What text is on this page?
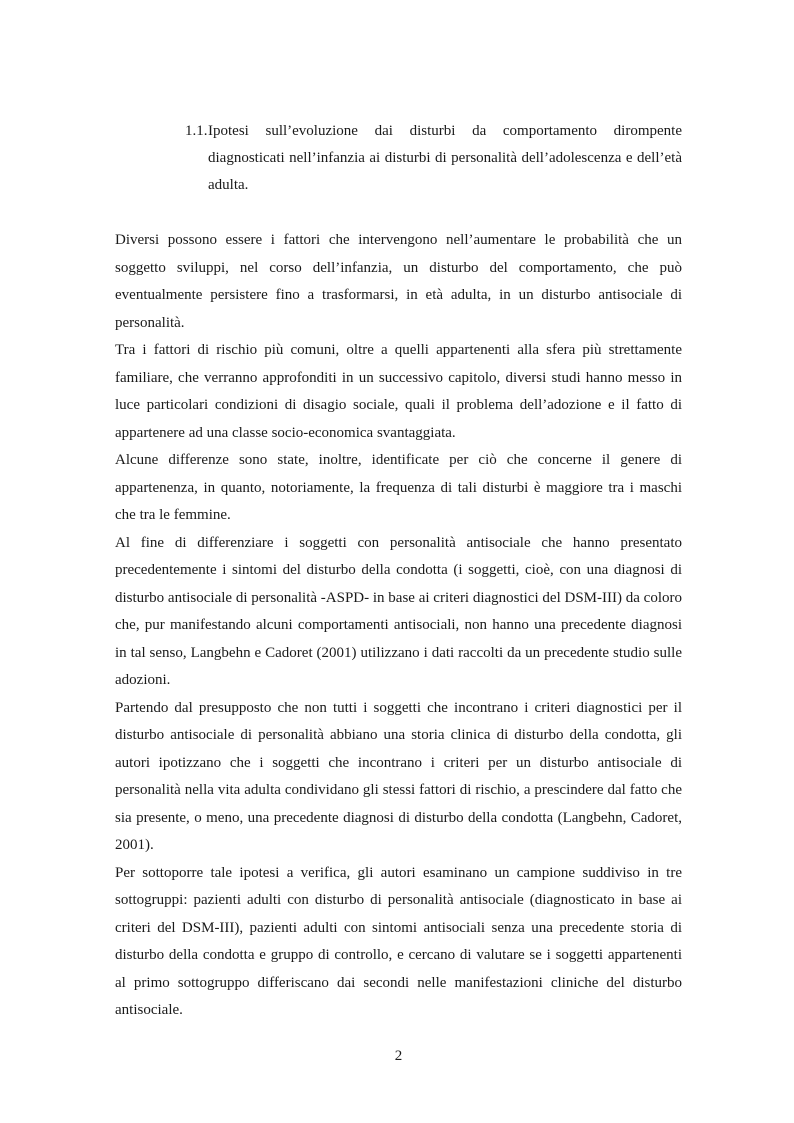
1.1.Ipotesi sull’evoluzione dai disturbi da comportamento dirompente diagnosticati nell’infanzia ai disturbi di personalità dell’adolescenza e dell’età adulta.

Diversi possono essere i fattori che intervengono nell’aumentare le probabilità che un soggetto sviluppi, nel corso dell’infanzia, un disturbo del comportamento, che può eventualmente persistere fino a trasformarsi, in età adulta, in un disturbo antisociale di personalità.

Tra i fattori di rischio più comuni, oltre a quelli appartenenti alla sfera più strettamente familiare, che verranno approfonditi in un successivo capitolo, diversi studi hanno messo in luce particolari condizioni di disagio sociale, quali il problema dell’adozione e il fatto di appartenere ad una classe socio-economica svantaggiata.

Alcune differenze sono state, inoltre, identificate per ciò che concerne il genere di appartenenza, in quanto, notoriamente, la frequenza di tali disturbi è maggiore tra i maschi che tra le femmine.

Al fine di differenziare i soggetti con personalità antisociale che hanno presentato precedentemente i sintomi del disturbo della condotta (i soggetti, cioè, con una diagnosi di disturbo antisociale di personalità -ASPD- in base ai criteri diagnostici del DSM-III) da coloro che, pur manifestando alcuni comportamenti antisociali, non hanno una precedente diagnosi in tal senso, Langbehn e Cadoret (2001) utilizzano i dati raccolti da un precedente studio sulle adozioni.

Partendo dal presupposto che non tutti i soggetti che incontrano i criteri diagnostici per il disturbo antisociale di personalità abbiano una storia clinica di disturbo della condotta, gli autori ipotizzano che i soggetti che incontrano i criteri per un disturbo antisociale di personalità nella vita adulta condividano gli stessi fattori di rischio, a prescindere dal fatto che sia presente, o meno, una precedente diagnosi di disturbo della condotta (Langbehn, Cadoret, 2001).

Per sottoporre tale ipotesi a verifica, gli autori esaminano un campione suddiviso in tre sottogruppi: pazienti adulti con disturbo di personalità antisociale (diagnosticato in base ai criteri del DSM-III), pazienti adulti con sintomi antisociali senza una precedente storia di disturbo della condotta e gruppo di controllo, e cercano di valutare se i soggetti appartenenti al primo sottogruppo differiscano dai secondi nelle manifestazioni cliniche del disturbo antisociale.

2
